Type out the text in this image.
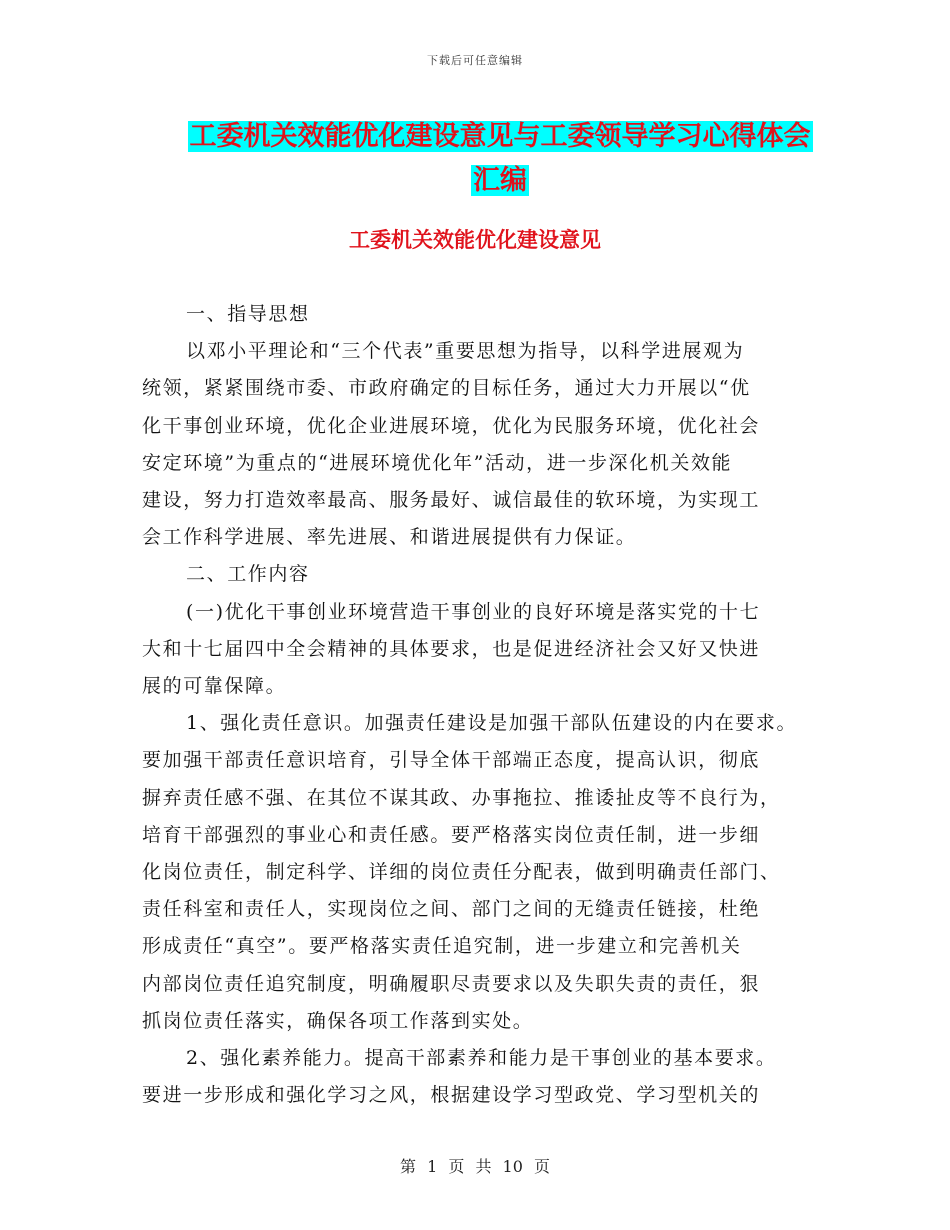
下载后可任意编辑
工委机关效能优化建设意见与工委领导学习心得体会
汇编
工委机关效能优化建设意见

一、指导思想

以邓小平理论和“三个代表”重要思想为指导，以科学进展观为

统领，紧紧围绕市委、市政府确定的目标任务，通过大力开展以“优

化干事创业环境，优化企业进展环境，优化为民服务环境，优化社会

安定环境”为重点的“进展环境优化年”活动，进一步深化机关效能

建设，努力打造效率最高、服务最好、诚信最佳的软环境，为实现工

会工作科学进展、率先进展、和谐进展提供有力保证。

二、工作内容

(一)优化干事创业环境营造干事创业的良好环境是落实党的十七

大和十七届四中全会精神的具体要求，也是促进经济社会又好又快进

展的可靠保障。

1、强化责任意识。加强责任建设是加强干部队伍建设的内在要求。

要加强干部责任意识培育，引导全体干部端正态度，提高认识，彻底

摒弃责任感不强、在其位不谋其政、办事拖拉、推诿扯皮等不良行为，

培育干部强烈的事业心和责任感。要严格落实岗位责任制，进一步细

化岗位责任，制定科学、详细的岗位责任分配表，做到明确责任部门、

责任科室和责任人，实现岗位之间、部门之间的无缝责任链接，杜绝

形成责任“真空”。要严格落实责任追究制，进一步建立和完善机关

内部岗位责任追究制度，明确履职尽责要求以及失职失责的责任，狠

抓岗位责任落实，确保各项工作落到实处。

2、强化素养能力。提高干部素养和能力是干事创业的基本要求。

要进一步形成和强化学习之风，根据建设学习型政党、学习型机关的

第 1 页 共 10 页
